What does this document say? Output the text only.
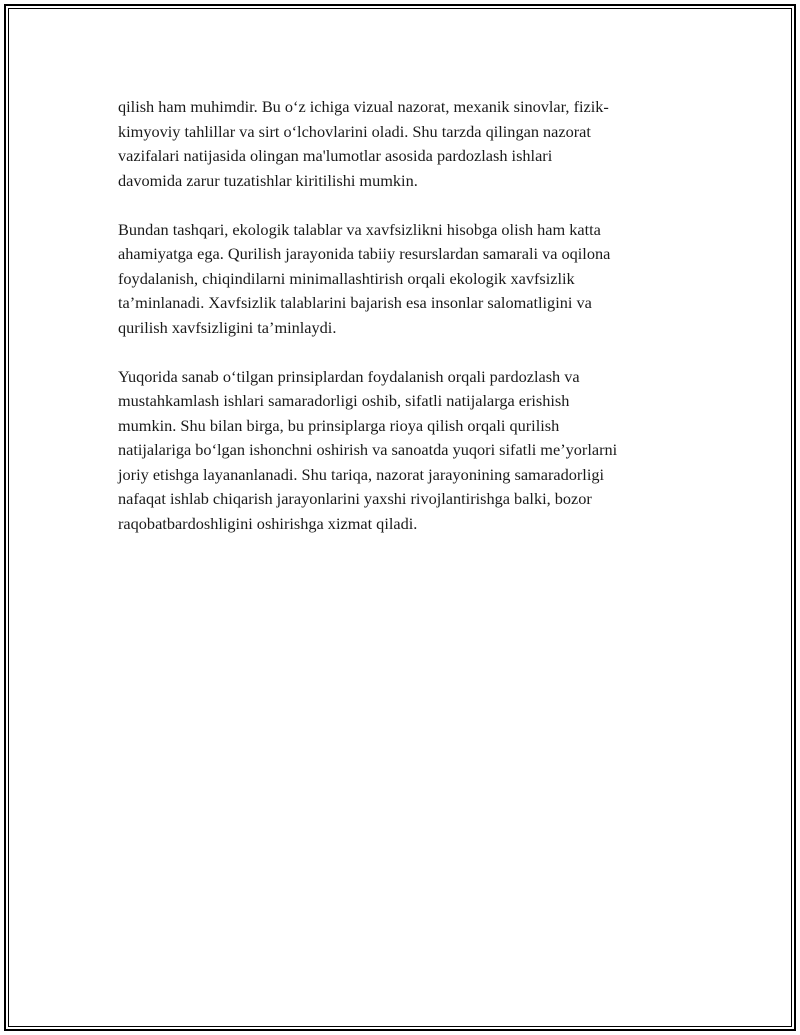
qilish ham muhimdir. Bu o‘z ichiga vizual nazorat, mexanik sinovlar, fizik-
kimyoviy tahlillar va sirt o‘lchovlarini oladi. Shu tarzda qilingan nazorat
vazifalari natijasida olingan ma'lumotlar asosida pardozlash ishlari
davomida zarur tuzatishlar kiritilishi mumkin.

Bundan tashqari, ekologik talablar va xavfsizlikni hisobga olish ham katta
ahamiyatga ega. Qurilish jarayonida tabiiy resurslardan samarali va oqilona
foydalanish, chiqindilarni minimallashtirish orqali ekologik xavfsizlik
ta’minlanadi. Xavfsizlik talablarini bajarish esa insonlar salomatligini va
qurilish xavfsizligini ta’minlaydi.

Yuqorida sanab o‘tilgan prinsiplardan foydalanish orqali pardozlash va
mustahkamlash ishlari samaradorligi oshib, sifatli natijalarga erishish
mumkin. Shu bilan birga, bu prinsiplarga rioya qilish orqali qurilish
natijalariga bo‘lgan ishonchni oshirish va sanoatda yuqori sifatli me’yorlarni
joriy etishga layananlanadi. Shu tariqa, nazorat jarayonining samaradorligi
nafaqat ishlab chiqarish jarayonlarini yaxshi rivojlantirishga balki, bozor
raqobatbardoshligini oshirishga xizmat qiladi.
